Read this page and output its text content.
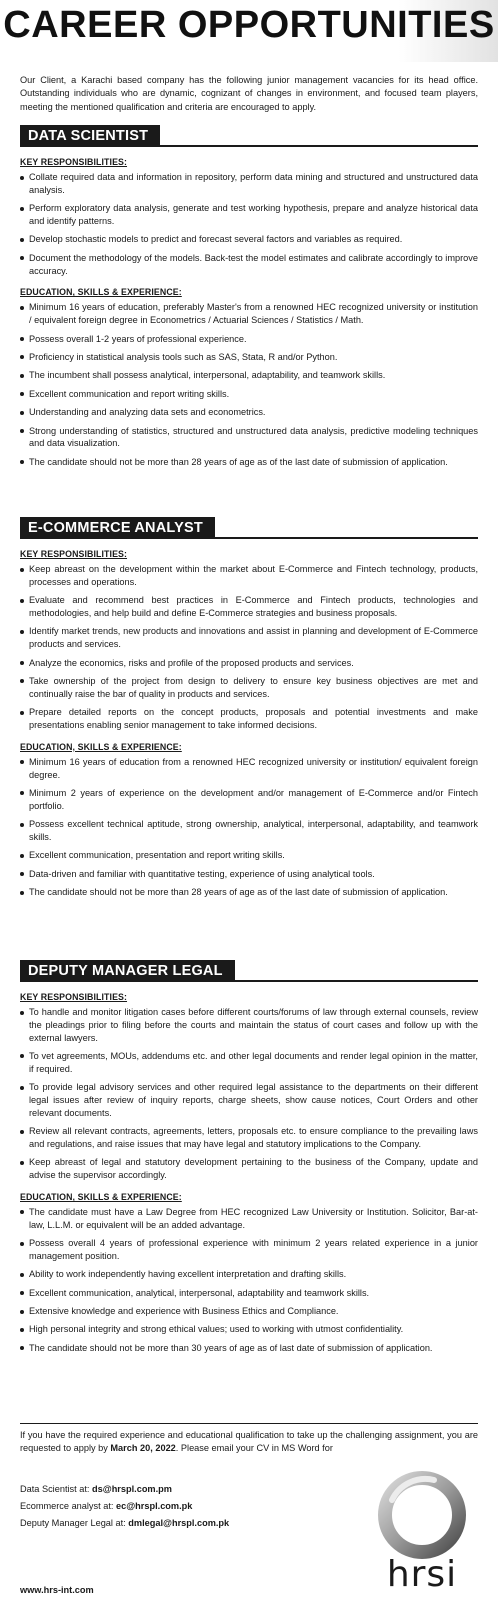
CAREER OPPORTUNITIES
Our Client, a Karachi based company has the following junior management vacancies for its head office. Outstanding individuals who are dynamic, cognizant of changes in environment, and focused team players, meeting the mentioned qualification and criteria are encouraged to apply.
DATA SCIENTIST
KEY RESPONSIBILITIES:
Collate required data and information in repository, perform data mining and structured and unstructured data analysis.
Perform exploratory data analysis, generate and test working hypothesis, prepare and analyze historical data and identify patterns.
Develop stochastic models to predict and forecast several factors and variables as required.
Document the methodology of the models. Back-test the model estimates and calibrate accordingly to improve accuracy.
EDUCATION, SKILLS & EXPERIENCE:
Minimum 16 years of education, preferably Master's from a renowned HEC recognized university or institution / equivalent foreign degree in Econometrics / Actuarial Sciences / Statistics / Math.
Possess overall 1-2 years of professional experience.
Proficiency in statistical analysis tools such as SAS, Stata, R and/or Python.
The incumbent shall possess analytical, interpersonal, adaptability, and teamwork skills.
Excellent communication and report writing skills.
Understanding and analyzing data sets and econometrics.
Strong understanding of statistics, structured and unstructured data analysis, predictive modeling techniques and data visualization.
The candidate should not be more than 28 years of age as of the last date of submission of application.
E-COMMERCE ANALYST
KEY RESPONSIBILITIES:
Keep abreast on the development within the market about E-Commerce and Fintech technology, products, processes and operations.
Evaluate and recommend best practices in E-Commerce and Fintech products, technologies and methodologies, and help build and define E-Commerce strategies and business proposals.
Identify market trends, new products and innovations and assist in planning and development of E-Commerce products and services.
Analyze the economics, risks and profile of the proposed products and services.
Take ownership of the project from design to delivery to ensure key business objectives are met and continually raise the bar of quality in products and services.
Prepare detailed reports on the concept products, proposals and potential investments and make presentations enabling senior management to take informed decisions.
EDUCATION, SKILLS & EXPERIENCE:
Minimum 16 years of education from a renowned HEC recognized university or institution/ equivalent foreign degree.
Minimum 2 years of experience on the development and/or management of E-Commerce and/or Fintech portfolio.
Possess excellent technical aptitude, strong ownership, analytical, interpersonal, adaptability, and teamwork skills.
Excellent communication, presentation and report writing skills.
Data-driven and familiar with quantitative testing, experience of using analytical tools.
The candidate should not be more than 28 years of age as of the last date of submission of application.
DEPUTY MANAGER LEGAL
KEY RESPONSIBILITIES:
To handle and monitor litigation cases before different courts/forums of law through external counsels, review the pleadings prior to filing before the courts and maintain the status of court cases and follow up with the external lawyers.
To vet agreements, MOUs, addendums etc. and other legal documents and render legal opinion in the matter, if required.
To provide legal advisory services and other required legal assistance to the departments on their different legal issues after review of inquiry reports, charge sheets, show cause notices, Court Orders and other relevant documents.
Review all relevant contracts, agreements, letters, proposals etc. to ensure compliance to the prevailing laws and regulations, and raise issues that may have legal and statutory implications to the Company.
Keep abreast of legal and statutory development pertaining to the business of the Company, update and advise the supervisor accordingly.
EDUCATION, SKILLS & EXPERIENCE:
The candidate must have a Law Degree from HEC recognized Law University or Institution. Solicitor, Bar-at-law, L.L.M. or equivalent will be an added advantage.
Possess overall 4 years of professional experience with minimum 2 years related experience in a junior management position.
Ability to work independently having excellent interpretation and drafting skills.
Excellent communication, analytical, interpersonal, adaptability and teamwork skills.
Extensive knowledge and experience with Business Ethics and Compliance.
High personal integrity and strong ethical values; used to working with utmost confidentiality.
The candidate should not be more than 30 years of age as of last date of submission of application.
If you have the required experience and educational qualification to take up the challenging assignment, you are requested to apply by March 20, 2022. Please email your CV in MS Word for
Data Scientist at: ds@hrspl.com.pm
Ecommerce analyst at: ec@hrspl.com.pk
Deputy Manager Legal at: dmlegal@hrspl.com.pk
www.hrs-int.com	hrsi
